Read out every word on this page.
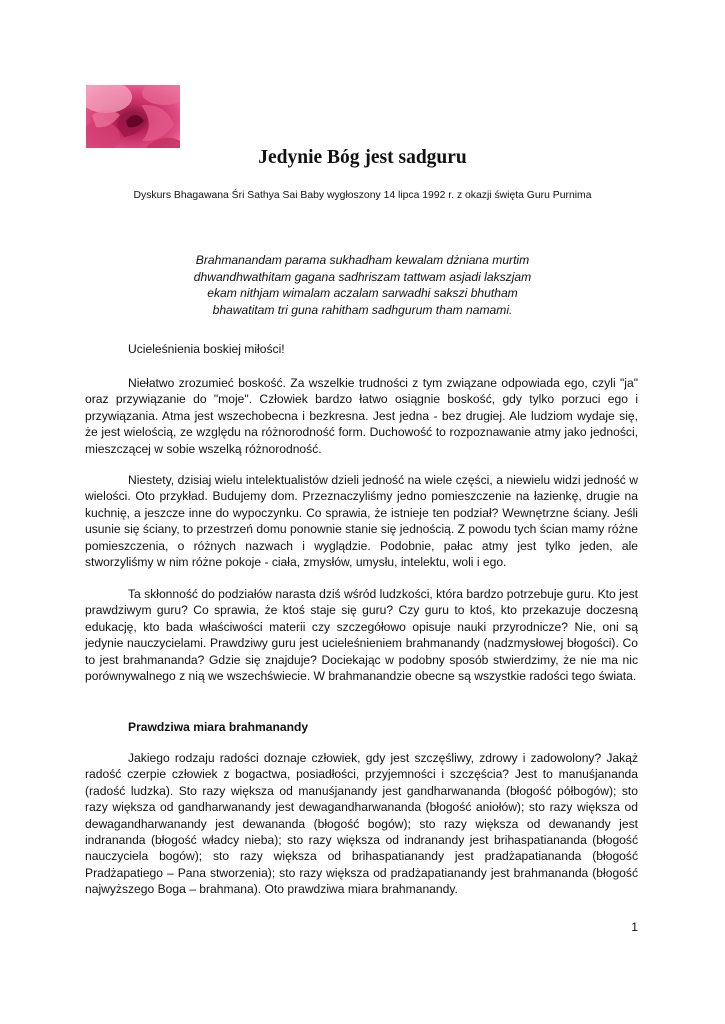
Jedynie Bóg jest sadguru
Dyskurs Bhagawana Śri Sathya Sai Baby wygłoszony 14 lipca 1992 r. z okazji święta Guru Purnima
Brahmanandam parama sukhadham kewalam dżniana murtim
dhwandhwathitam gagana sadhriszam tattwam asjadi lakszjam
ekam nithjam wimalam aczalam sarwadhi sakszi bhutham
bhawatitam tri guna rahitham sadhgurum tham namami.

Ucieleśnienia boskiej miłości!

Niełatwo zrozumieć boskość. Za wszelkie trudności z tym związane odpowiada ego, czyli "ja" oraz przywiązanie do "moje". Człowiek bardzo łatwo osiągnie boskość, gdy tylko porzuci ego i przywiązania. Atma jest wszechobecna i bezkresna. Jest jedna - bez drugiej. Ale ludziom wydaje się, że jest wielością, ze względu na różnorodność form. Duchowość to rozpoznawanie atmy jako jedności, mieszczącej w sobie wszelką różnorodność.

Niestety, dzisiaj wielu intelektualistów dzieli jedność na wiele części, a niewielu widzi jedność w wielości. Oto przykład. Budujemy dom. Przeznaczyliśmy jedno pomieszczenie na łazienkę, drugie na kuchnię, a jeszcze inne do wypoczynku. Co sprawia, że istnieje ten podział? Wewnętrzne ściany. Jeśli usunie się ściany, to przestrzeń domu ponownie stanie się jednością. Z powodu tych ścian mamy różne pomieszczenia, o różnych nazwach i wyglądzie. Podobnie, pałac atmy jest tylko jeden, ale stworzyliśmy w nim różne pokoje - ciała, zmysłów, umysłu, intelektu, woli i ego.

Ta skłonność do podziałów narasta dziś wśród ludzkości, która bardzo potrzebuje guru. Kto jest prawdziwym guru? Co sprawia, że ktoś staje się guru? Czy guru to ktoś, kto przekazuje doczesną edukację, kto bada właściwości materii czy szczegółowo opisuje nauki przyrodnicze? Nie, oni są jedynie nauczycielami. Prawdziwy guru jest ucieleśnieniem brahmanandy (nadzmysłowej błogości). Co to jest brahmananda? Gdzie się znajduje? Dociekając w podobny sposób stwierdzimy, że nie ma nic porównywalnego z nią we wszechświecie. W brahmanandzie obecne są wszystkie radości tego świata.

Prawdziwa miara brahmanandy

Jakiego rodzaju radości doznaje człowiek, gdy jest szczęśliwy, zdrowy i zadowolony? Jakąż radość czerpie człowiek z bogactwa, posiadłości, przyjemności i szczęścia? Jest to manuśjananda (radość ludzka). Sto razy większa od manuśjanandy jest gandharwananda (błogość półbogów); sto razy większa od gandharwanandy jest dewagandharwananda (błogość aniołów); sto razy większa od dewagandharwanandy jest dewananda (błogość bogów); sto razy większa od dewanandy jest indrananda (błogość władcy nieba); sto razy większa od indranandy jest brihaspatiananda (błogość nauczyciela bogów); sto razy większa od brihaspatianandy jest pradżapatiananda (błogość Pradżapatiego – Pana stworzenia); sto razy większa od pradżapatianandy jest brahmananda (błogość najwyższego Boga – brahmana). Oto prawdziwa miara brahmanandy.

1
